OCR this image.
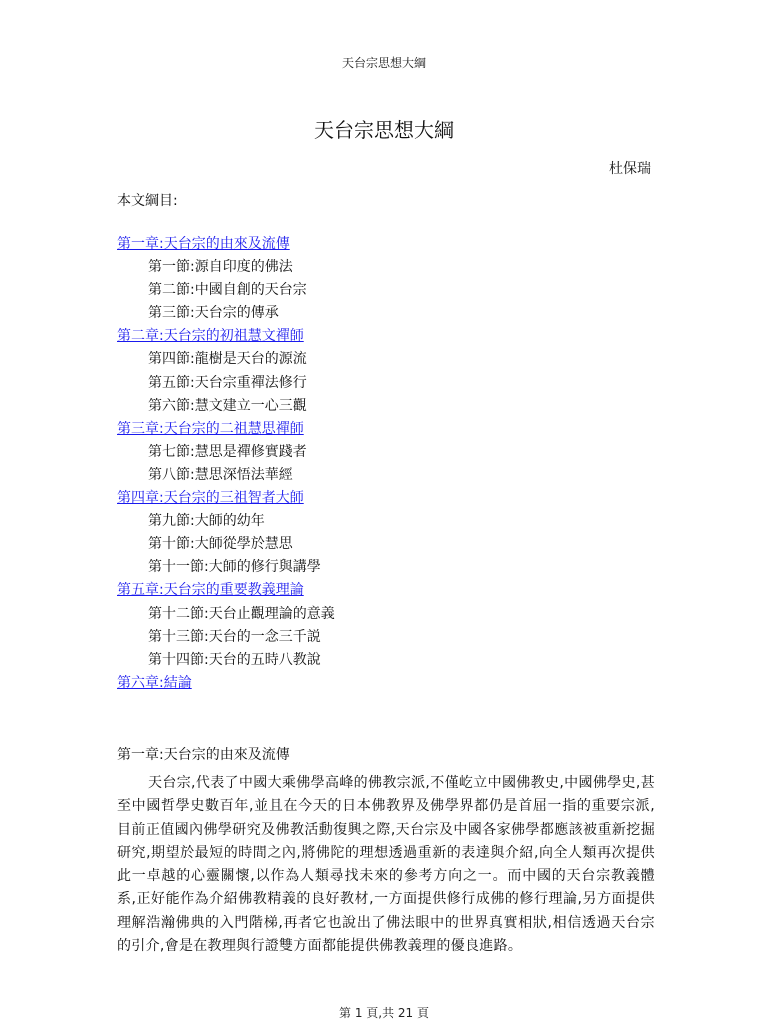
天台宗思想大綱
天台宗思想大綱
杜保瑞
本文綱目:
第一章:天台宗的由來及流傳
第一節:源自印度的佛法
第二節:中國自創的天台宗
第三節:天台宗的傳承
第二章:天台宗的初祖慧文禪師
第四節:龍樹是天台的源流
第五節:天台宗重禪法修行
第六節:慧文建立一心三觀
第三章:天台宗的二祖慧思禪師
第七節:慧思是禪修實踐者
第八節:慧思深悟法華經
第四章:天台宗的三祖智者大師
第九節:大師的幼年
第十節:大師從學於慧思
第十一節:大師的修行與講學
第五章:天台宗的重要教義理論
第十二節:天台止觀理論的意義
第十三節:天台的一念三千説
第十四節:天台的五時八教說
第六章:結論
第一章:天台宗的由來及流傳

天台宗,代表了中國大乘佛學高峰的佛教宗派,不僅屹立中國佛教史,中國佛學史,甚至中國哲學史數百年,並且在今天的日本佛教界及佛學界都仍是首屈一指的重要宗派,目前正值國內佛學研究及佛教活動復興之際,天台宗及中國各家佛學都應該被重新挖掘研究,期望於最短的時間之內,將佛陀的理想透過重新的表達與介紹,向全人類再次提供此一卓越的心靈關懷,以作為人類尋找未來的參考方向之一。而中國的天台宗教義體系,正好能作為介紹佛教精義的良好教材,一方面提供修行成佛的修行理論,另方面提供理解浩瀚佛典的入門階梯,再者它也說出了佛法眼中的世界真實相狀,相信透過天台宗的引介,會是在教理與行證雙方面都能提供佛教義理的優良進路。

第 1 頁,共 21 頁
